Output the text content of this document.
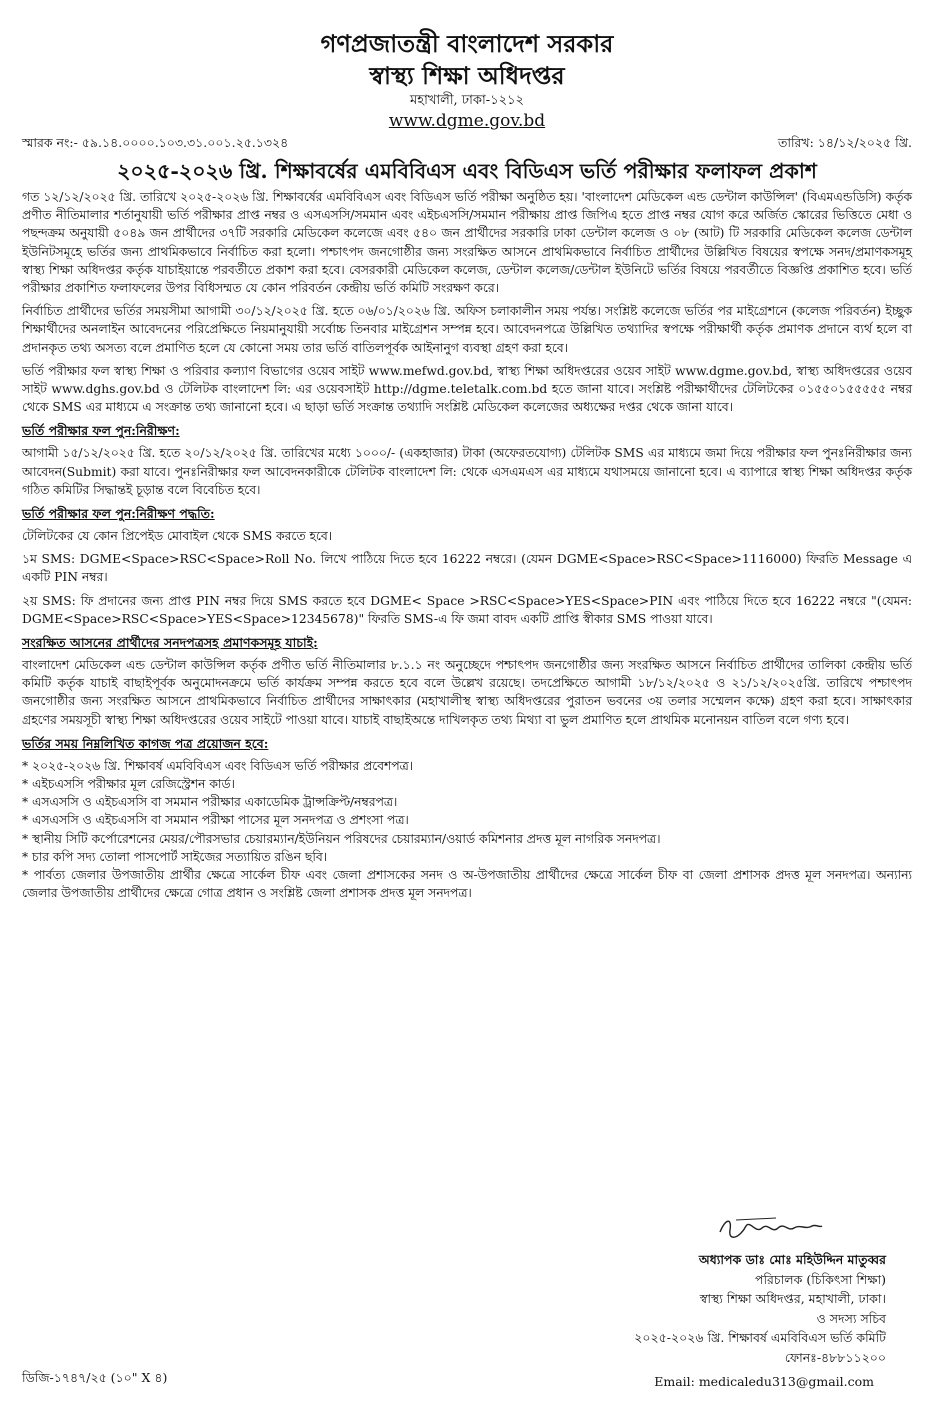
গণপ্রজাতন্ত্রী বাংলাদেশ সরকার
স্বাস্থ্য শিক্ষা অধিদপ্তর
মহাখালী, ঢাকা-১২১২
www.dgme.gov.bd
স্মারক নং:- ৫৯.১৪.০০০০.১০৩.৩১.০০১.২৫.১৩২৪	তারিখ: ১৪/১২/২০২৫ খ্রি.
২০২৫-২০২৬ খ্রি. শিক্ষাবর্ষের এমবিবিএস এবং বিডিএস ভর্তি পরীক্ষার ফলাফল প্রকাশ

গত ১২/১২/২০২৫ খ্রি. তারিখে ২০২৫-২০২৬ খ্রি. শিক্ষাবর্ষের এমবিবিএস এবং বিডিএস ভর্তি পরীক্ষা অনুষ্ঠিত হয়। 'বাংলাদেশ মেডিকেল এন্ড ডেন্টাল কাউন্সিল' (বিএমএন্ডডিসি) কর্তৃক প্রণীত নীতিমালার শর্তানুযায়ী ভর্তি পরীক্ষার প্রাপ্ত নম্বর ও এসএসসি/সমমান এবং এইচএসসি/সমমান পরীক্ষায় প্রাপ্ত জিপিএ হতে প্রাপ্ত নম্বর যোগ করে অর্জিত স্কোরের ভিত্তিতে মেধা ও পছন্দক্রম অনুযায়ী ৫০৪৯ জন প্রার্থীদের ৩৭টি সরকারি মেডিকেল কলেজে এবং ৫৪০ জন প্রার্থীদের সরকারি ঢাকা ডেন্টাল কলেজ ও ০৮ (আট) টি সরকারি মেডিকেল কলেজ ডেন্টাল ইউনিটসমূহে ভর্তির জন্য প্রাথমিকভাবে নির্বাচিত করা হলো। পশ্চাৎপদ জনগোষ্ঠীর জন্য সংরক্ষিত আসনে প্রাথমিকভাবে নির্বাচিত প্রার্থীদের উল্লিখিত বিষয়ের স্বপক্ষে সনদ/প্রমাণকসমূহ স্বাস্থ্য শিক্ষা অধিদপ্তর কর্তৃক যাচাইয়ান্তে পরবর্তীতে প্রকাশ করা হবে। বেসরকারী মেডিকেল কলেজ, ডেন্টাল কলেজ/ডেন্টাল ইউনিটে ভর্তির বিষয়ে পরবর্তীতে বিজ্ঞপ্তি প্রকাশিত হবে। ভর্তি পরীক্ষার প্রকাশিত ফলাফলের উপর বিধিসম্মত যে কোন পরিবর্তন কেন্দ্রীয় ভর্তি কমিটি সংরক্ষণ করে।

নির্বাচিত প্রার্থীদের ভর্তির সময়সীমা আগামী ৩০/১২/২০২৫ খ্রি. হতে ০৬/০১/২০২৬ খ্রি. অফিস চলাকালীন সময় পর্যন্ত। সংশ্লিষ্ট কলেজে ভর্তির পর মাইগ্রেশনে (কলেজ পরিবর্তন) ইচ্ছুক শিক্ষার্থীদের অনলাইন আবেদনের পরিপ্রেক্ষিতে নিয়মানুযায়ী সর্বোচ্চ তিনবার মাইগ্রেশন সম্পন্ন হবে। আবেদনপত্রে উল্লিখিত তথ্যাদির স্বপক্ষে পরীক্ষার্থী কর্তৃক প্রমাণক প্রদানে ব্যর্থ হলে বা প্রদানকৃত তথ্য অসত্য বলে প্রমাণিত হলে যে কোনো সময় তার ভর্তি বাতিলপূর্বক আইনানুগ ব্যবস্থা গ্রহণ করা হবে।

ভর্তি পরীক্ষার ফল স্বাস্থ্য শিক্ষা ও পরিবার কল্যাণ বিভাগের ওয়েব সাইট www.mefwd.gov.bd, স্বাস্থ্য শিক্ষা অধিদপ্তরের ওয়েব সাইট www.dgme.gov.bd, স্বাস্থ্য অধিদপ্তরের ওয়েব সাইট www.dghs.gov.bd ও টেলিটক বাংলাদেশ লি: এর ওয়েবসাইট http://dgme.teletalk.com.bd হতে জানা যাবে। সংশ্লিষ্ট পরীক্ষার্থীদের টেলিটকের ০১৫৫০১৫৫৫৫৫ নম্বর থেকে SMS এর মাধ্যমে এ সংক্রান্ত তথ্য জানানো হবে। এ ছাড়া ভর্তি সংক্রান্ত তথ্যাদি সংশ্লিষ্ট মেডিকেল কলেজের অধ্যক্ষের দপ্তর থেকে জানা যাবে।

ভর্তি পরীক্ষার ফল পুন:নিরীক্ষণ:

আগামী ১৫/১২/২০২৫ খ্রি. হতে ২০/১২/২০২৫ খ্রি. তারিখের মধ্যে ১০০০/- (একহাজার) টাকা (অফেরতযোগ্য) টেলিটক SMS এর মাধ্যমে জমা দিয়ে পরীক্ষার ফল পুনঃনিরীক্ষার জন্য আবেদন(Submit) করা যাবে। পুনঃনিরীক্ষার ফল আবেদনকারীকে টেলিটক বাংলাদেশ লি: থেকে এসএমএস এর মাধ্যমে যথাসময়ে জানানো হবে। এ ব্যাপারে স্বাস্থ্য শিক্ষা অধিদপ্তর কর্তৃক গঠিত কমিটির সিদ্ধান্তই চূড়ান্ত বলে বিবেচিত হবে।

ভর্তি পরীক্ষার ফল পুন:নিরীক্ষণ পদ্ধতি:

টেলিটকের যে কোন প্রিপেইড মোবাইল থেকে SMS করতে হবে।

১ম SMS: DGME<Space>RSC<Space>Roll No. লিখে পাঠিয়ে দিতে হবে 16222 নম্বরে। (যেমন DGME<Space>RSC<Space>1116000) ফিরতি Message এ একটি PIN নম্বর।

২য় SMS: ফি প্রদানের জন্য প্রাপ্ত PIN নম্বর দিয়ে SMS করতে হবে DGME< Space >RSC<Space>YES<Space>PIN এবং পাঠিয়ে দিতে হবে 16222 নম্বরে "(যেমন: DGME<Space>RSC<Space>YES<Space>12345678)" ফিরতি SMS-এ ফি জমা বাবদ একটি প্রাপ্তি স্বীকার SMS পাওয়া যাবে।

সংরক্ষিত আসনের প্রার্থীদের সনদপত্রসহ প্রমাণকসমূহ যাচাই:

বাংলাদেশ মেডিকেল এন্ড ডেন্টাল কাউন্সিল কর্তৃক প্রণীত ভর্তি নীতিমালার ৮.১.১ নং অনুচ্ছেদে পশ্চাৎপদ জনগোষ্ঠীর জন্য সংরক্ষিত আসনে নির্বাচিত প্রার্থীদের তালিকা কেন্দ্রীয় ভর্তি কমিটি কর্তৃক যাচাই বাছাইপূর্বক অনুমোদনক্রমে ভর্তি কার্যক্রম সম্পন্ন করতে হবে বলে উল্লেখ রয়েছে। তদপ্রেক্ষিতে আগামী ১৮/১২/২০২৫ ও ২১/১২/২০২৫খ্রি. তারিখে পশ্চাৎপদ জনগোষ্ঠীর জন্য সংরক্ষিত আসনে প্রাথমিকভাবে নির্বাচিত প্রার্থীদের সাক্ষাৎকার (মহাখালীস্থ স্বাস্থ্য অধিদপ্তরের পুরাতন ভবনের ৩য় তলার সম্মেলন কক্ষে) গ্রহণ করা হবে। সাক্ষাৎকার গ্রহণের সময়সূচী স্বাস্থ্য শিক্ষা অধিদপ্তরের ওয়েব সাইটে পাওয়া যাবে। যাচাই বাছাইঅন্তে দাখিলকৃত তথ্য মিথ্যা বা ভুল প্রমাণিত হলে প্রাথমিক মনোনয়ন বাতিল বলে গণ্য হবে।

ভর্তির সময় নিম্নলিখিত কাগজ পত্র প্রয়োজন হবে:
* ২০২৫-২০২৬ খ্রি. শিক্ষাবর্ষ এমবিবিএস এবং বিডিএস ভর্তি পরীক্ষার প্রবেশপত্র।
* এইচএসসি পরীক্ষার মূল রেজিস্ট্রেশন কার্ড।
* এসএসসি ও এইচএসসি বা সমমান পরীক্ষার একাডেমিক ট্রান্সক্রিপ্ট/নম্বরপত্র।
* এসএসসি ও এইচএসসি বা সমমান পরীক্ষা পাসের মূল সনদপত্র ও প্রশংসা পত্র।
* স্থানীয় সিটি কর্পোরেশনের মেয়র/পৌরসভার চেয়ারম্যান/ইউনিয়ন পরিষদের চেয়ারম্যান/ওয়ার্ড কমিশনার প্রদত্ত মূল নাগরিক সনদপত্র।
* চার কপি সদ্য তোলা পাসপোর্ট সাইজের সত্যায়িত রঙিন ছবি।
* পার্বত্য জেলার উপজাতীয় প্রার্থীর ক্ষেত্রে সার্কেল চীফ এবং জেলা প্রশাসকের সনদ ও অ-উপজাতীয় প্রার্থীদের ক্ষেত্রে সার্কেল চীফ বা জেলা প্রশাসক প্রদত্ত মূল সনদপত্র। অন্যান্য জেলার উপজাতীয় প্রার্থীদের ক্ষেত্রে গোত্র প্রধান ও সংশ্লিষ্ট জেলা প্রশাসক প্রদত্ত মূল সনদপত্র।
অধ্যাপক ডাঃ মোঃ মহিউদ্দিন মাতুব্বর
পরিচালক (চিকিৎসা শিক্ষা)
স্বাস্থ্য শিক্ষা অধিদপ্তর, মহাখালী, ঢাকা।
ও সদস্য সচিব
২০২৫-২০২৬ খ্রি. শিক্ষাবর্ষ এমবিবিএস ভর্তি কমিটি
ফোনঃ-৪৮৮১১২০০
ডিজি-১৭৪৭/২৫ (১০" X ৪)	Email: medicaledu313@gmail.com
